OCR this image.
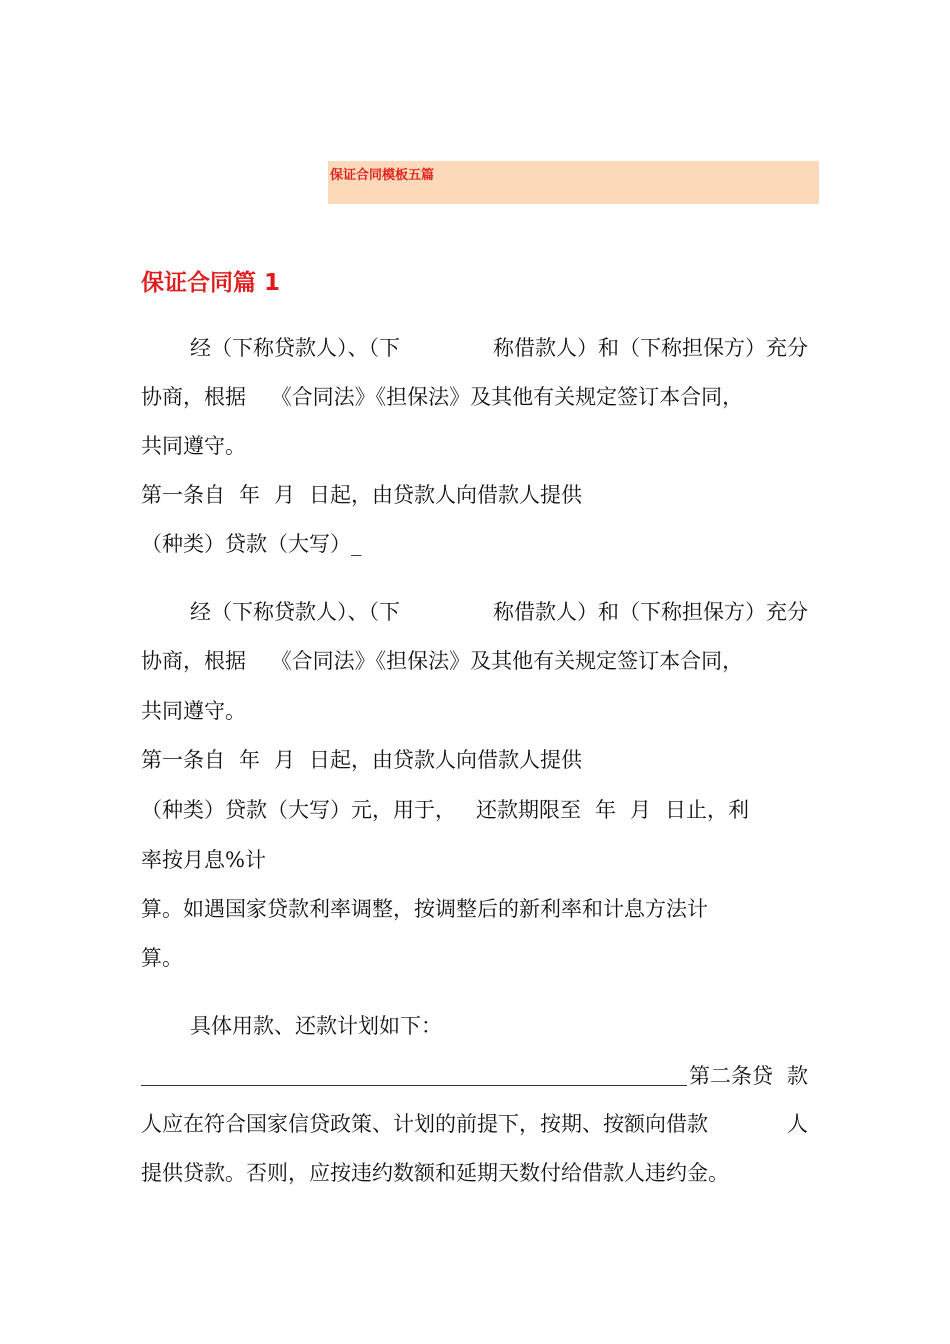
保证合同模板五篇
保证合同篇 1
经（下称贷款人）、（下	称借款人）和（下称担保方）充分
协商，根据 《合同法》《担保法》及其他有关规定签订本合同，
共同遵守。
第一条自 年 月 日起，由贷款人向借款人提供
（种类）贷款（大写）_
经（下称贷款人）、（下	称借款人）和（下称担保方）充分
协商，根据 《合同法》《担保法》及其他有关规定签订本合同，
共同遵守。
第一条自 年 月 日起，由贷款人向借款人提供
（种类）贷款（大写）元，用于， 还款期限至 年 月 日止，利
率按月息%计
算。如遇国家贷款利率调整，按调整后的新利率和计息方法计
算。
具体用款、还款计划如下：
第二条贷 款
人应在符合国家信贷政策、计划的前提下，按期、按额向借款	人
提供贷款。否则，应按违约数额和延期天数付给借款人违约金。
